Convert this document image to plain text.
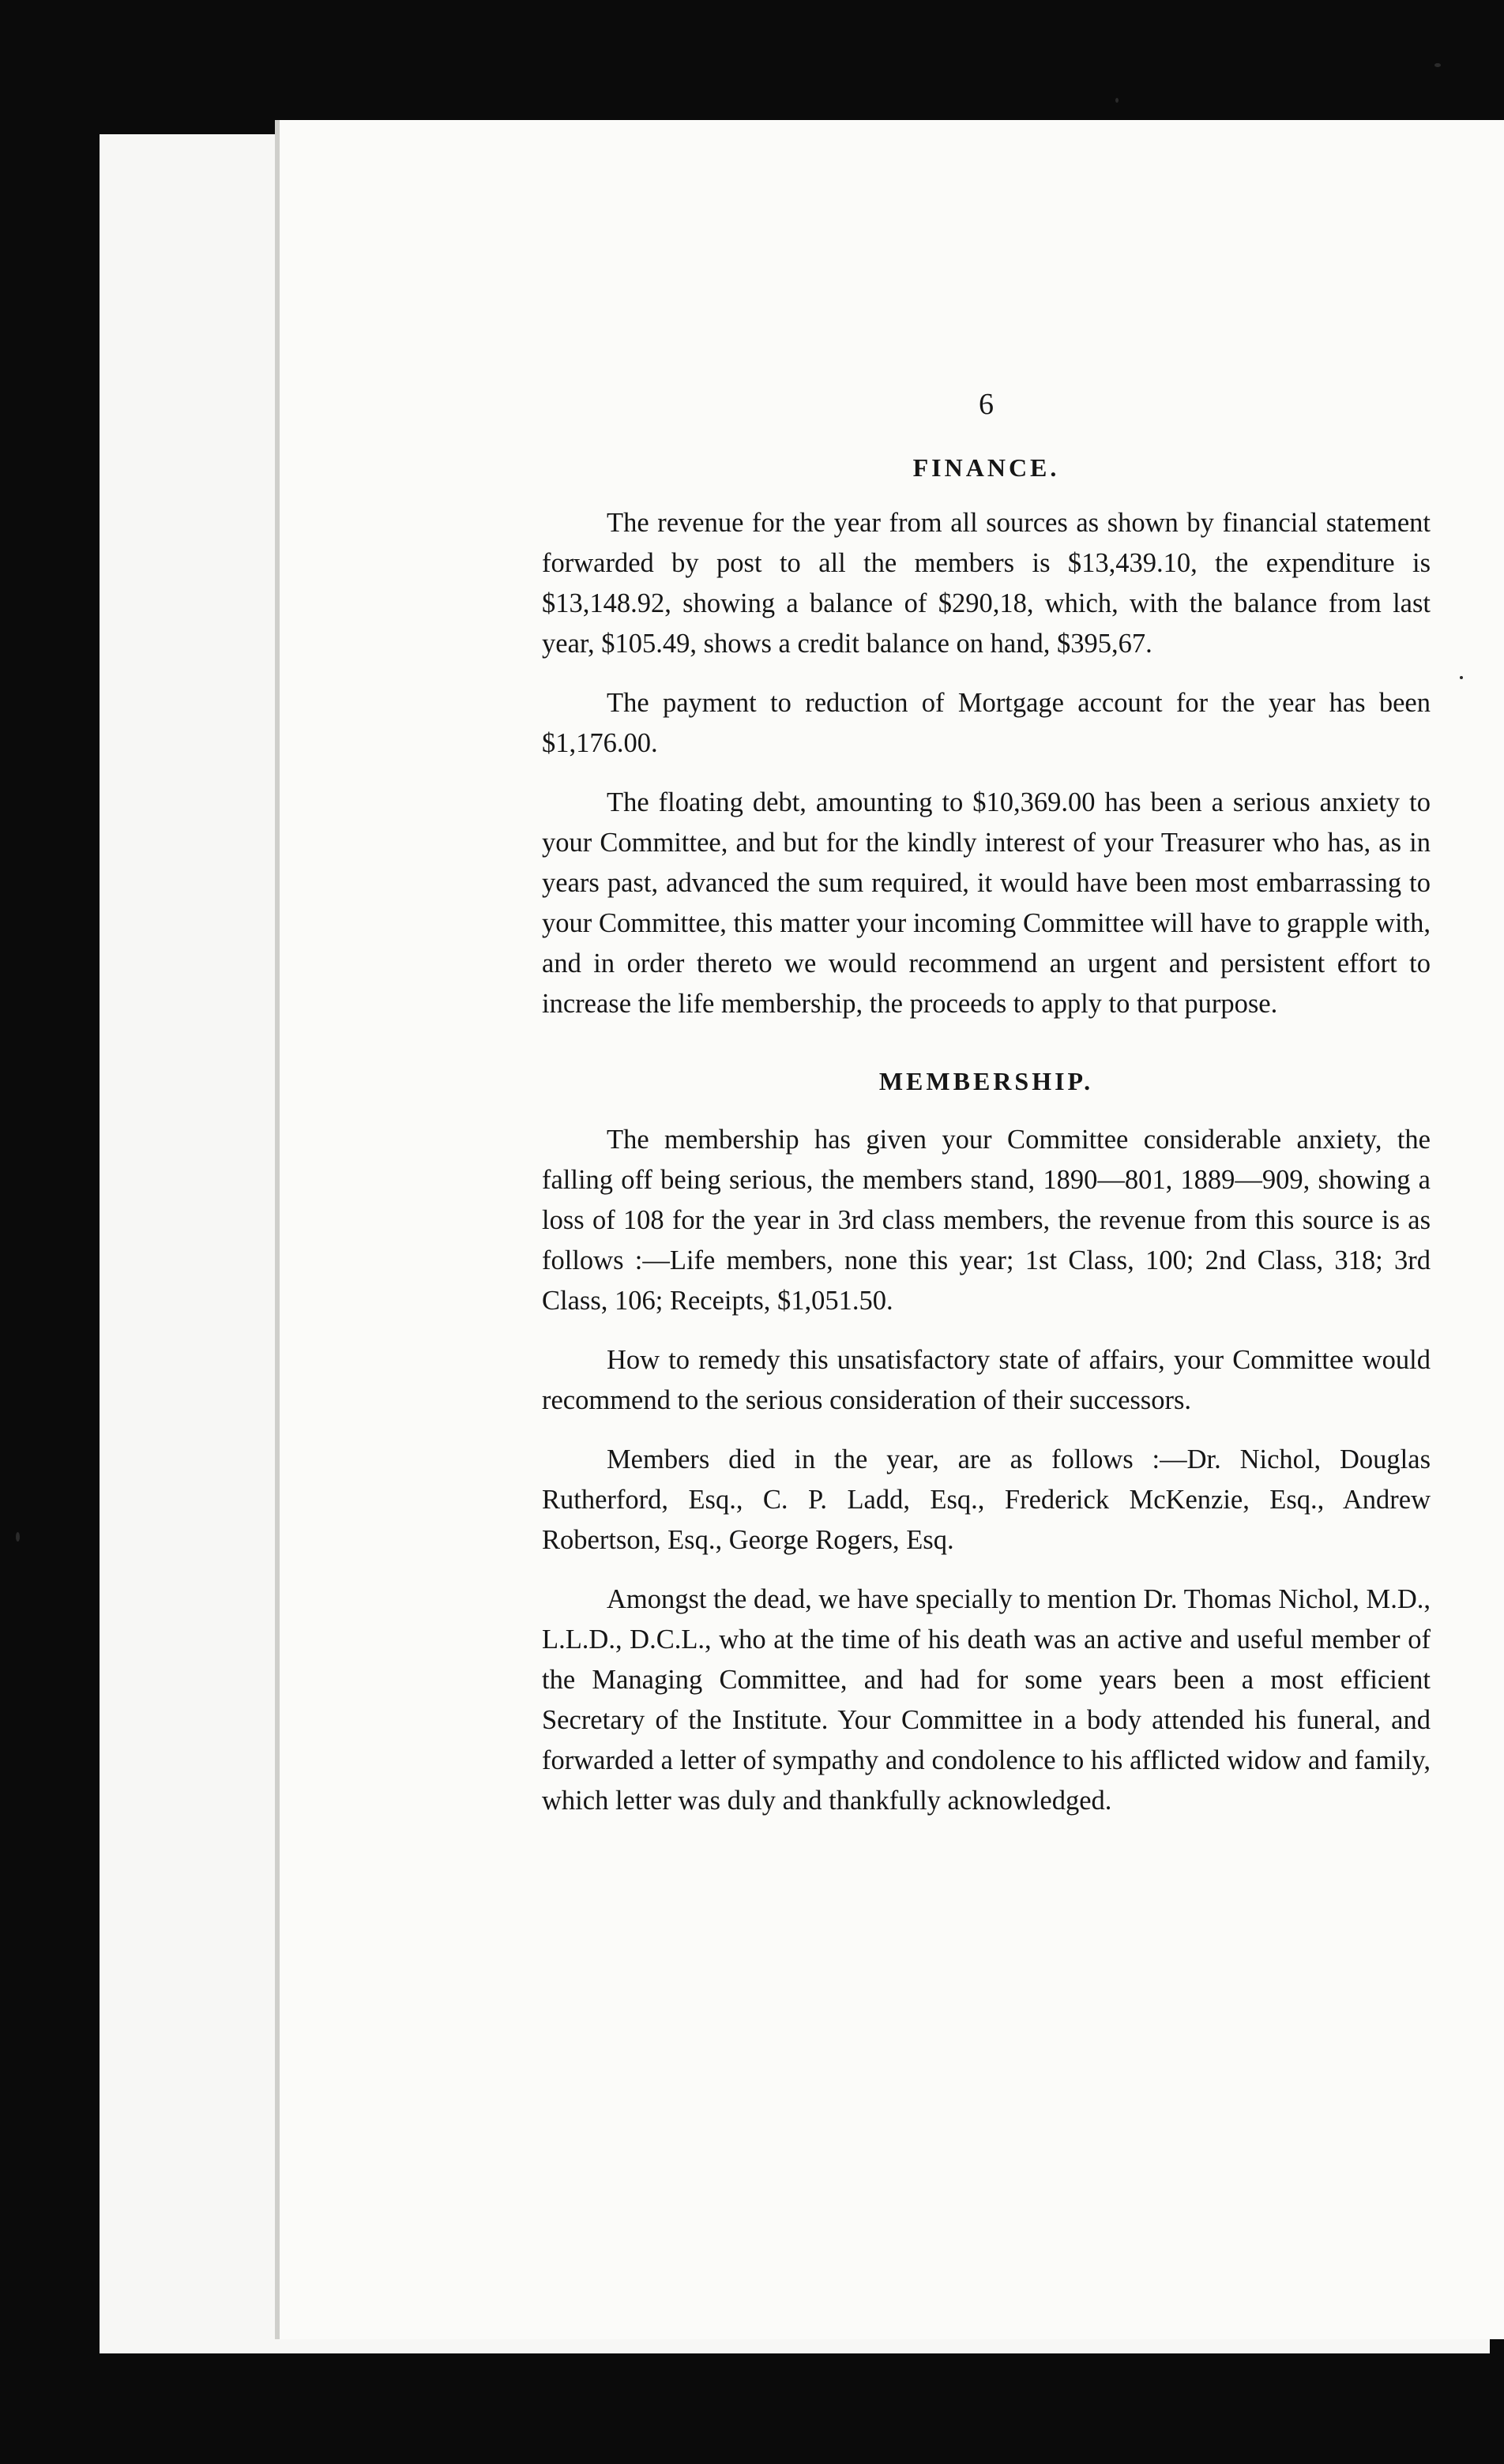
6
FINANCE.

The revenue for the year from all sources as shown by financial statement forwarded by post to all the members is $13,439.10, the expenditure is $13,148.92, showing a balance of $290,18, which, with the balance from last year, $105.49, shows a credit balance on hand, $395,67.

The payment to reduction of Mortgage account for the year has been $1,176.00.

The floating debt, amounting to $10,369.00 has been a serious anxiety to your Committee, and but for the kindly interest of your Treasurer who has, as in years past, advanced the sum required, it would have been most embarrassing to your Committee, this matter your incoming Committee will have to grapple with, and in order thereto we would recommend an urgent and persistent effort to increase the life membership, the proceeds to apply to that purpose.

MEMBERSHIP.

The membership has given your Committee considerable anxiety, the falling off being serious, the members stand, 1890—801, 1889—909, showing a loss of 108 for the year in 3rd class members, the revenue from this source is as follows :—Life members, none this year; 1st Class, 100; 2nd Class, 318; 3rd Class, 106; Receipts, $1,051.50.

How to remedy this unsatisfactory state of affairs, your Committee would recommend to the serious consideration of their successors.

Members died in the year, are as follows :—Dr. Nichol, Douglas Rutherford, Esq., C. P. Ladd, Esq., Frederick McKenzie, Esq., Andrew Robertson, Esq., George Rogers, Esq.

Amongst the dead, we have specially to mention Dr. Thomas Nichol, M.D., L.L.D., D.C.L., who at the time of his death was an active and useful member of the Managing Committee, and had for some years been a most efficient Secretary of the Institute. Your Committee in a body attended his funeral, and forwarded a letter of sympathy and condolence to his afflicted widow and family, which letter was duly and thankfully acknowledged.
